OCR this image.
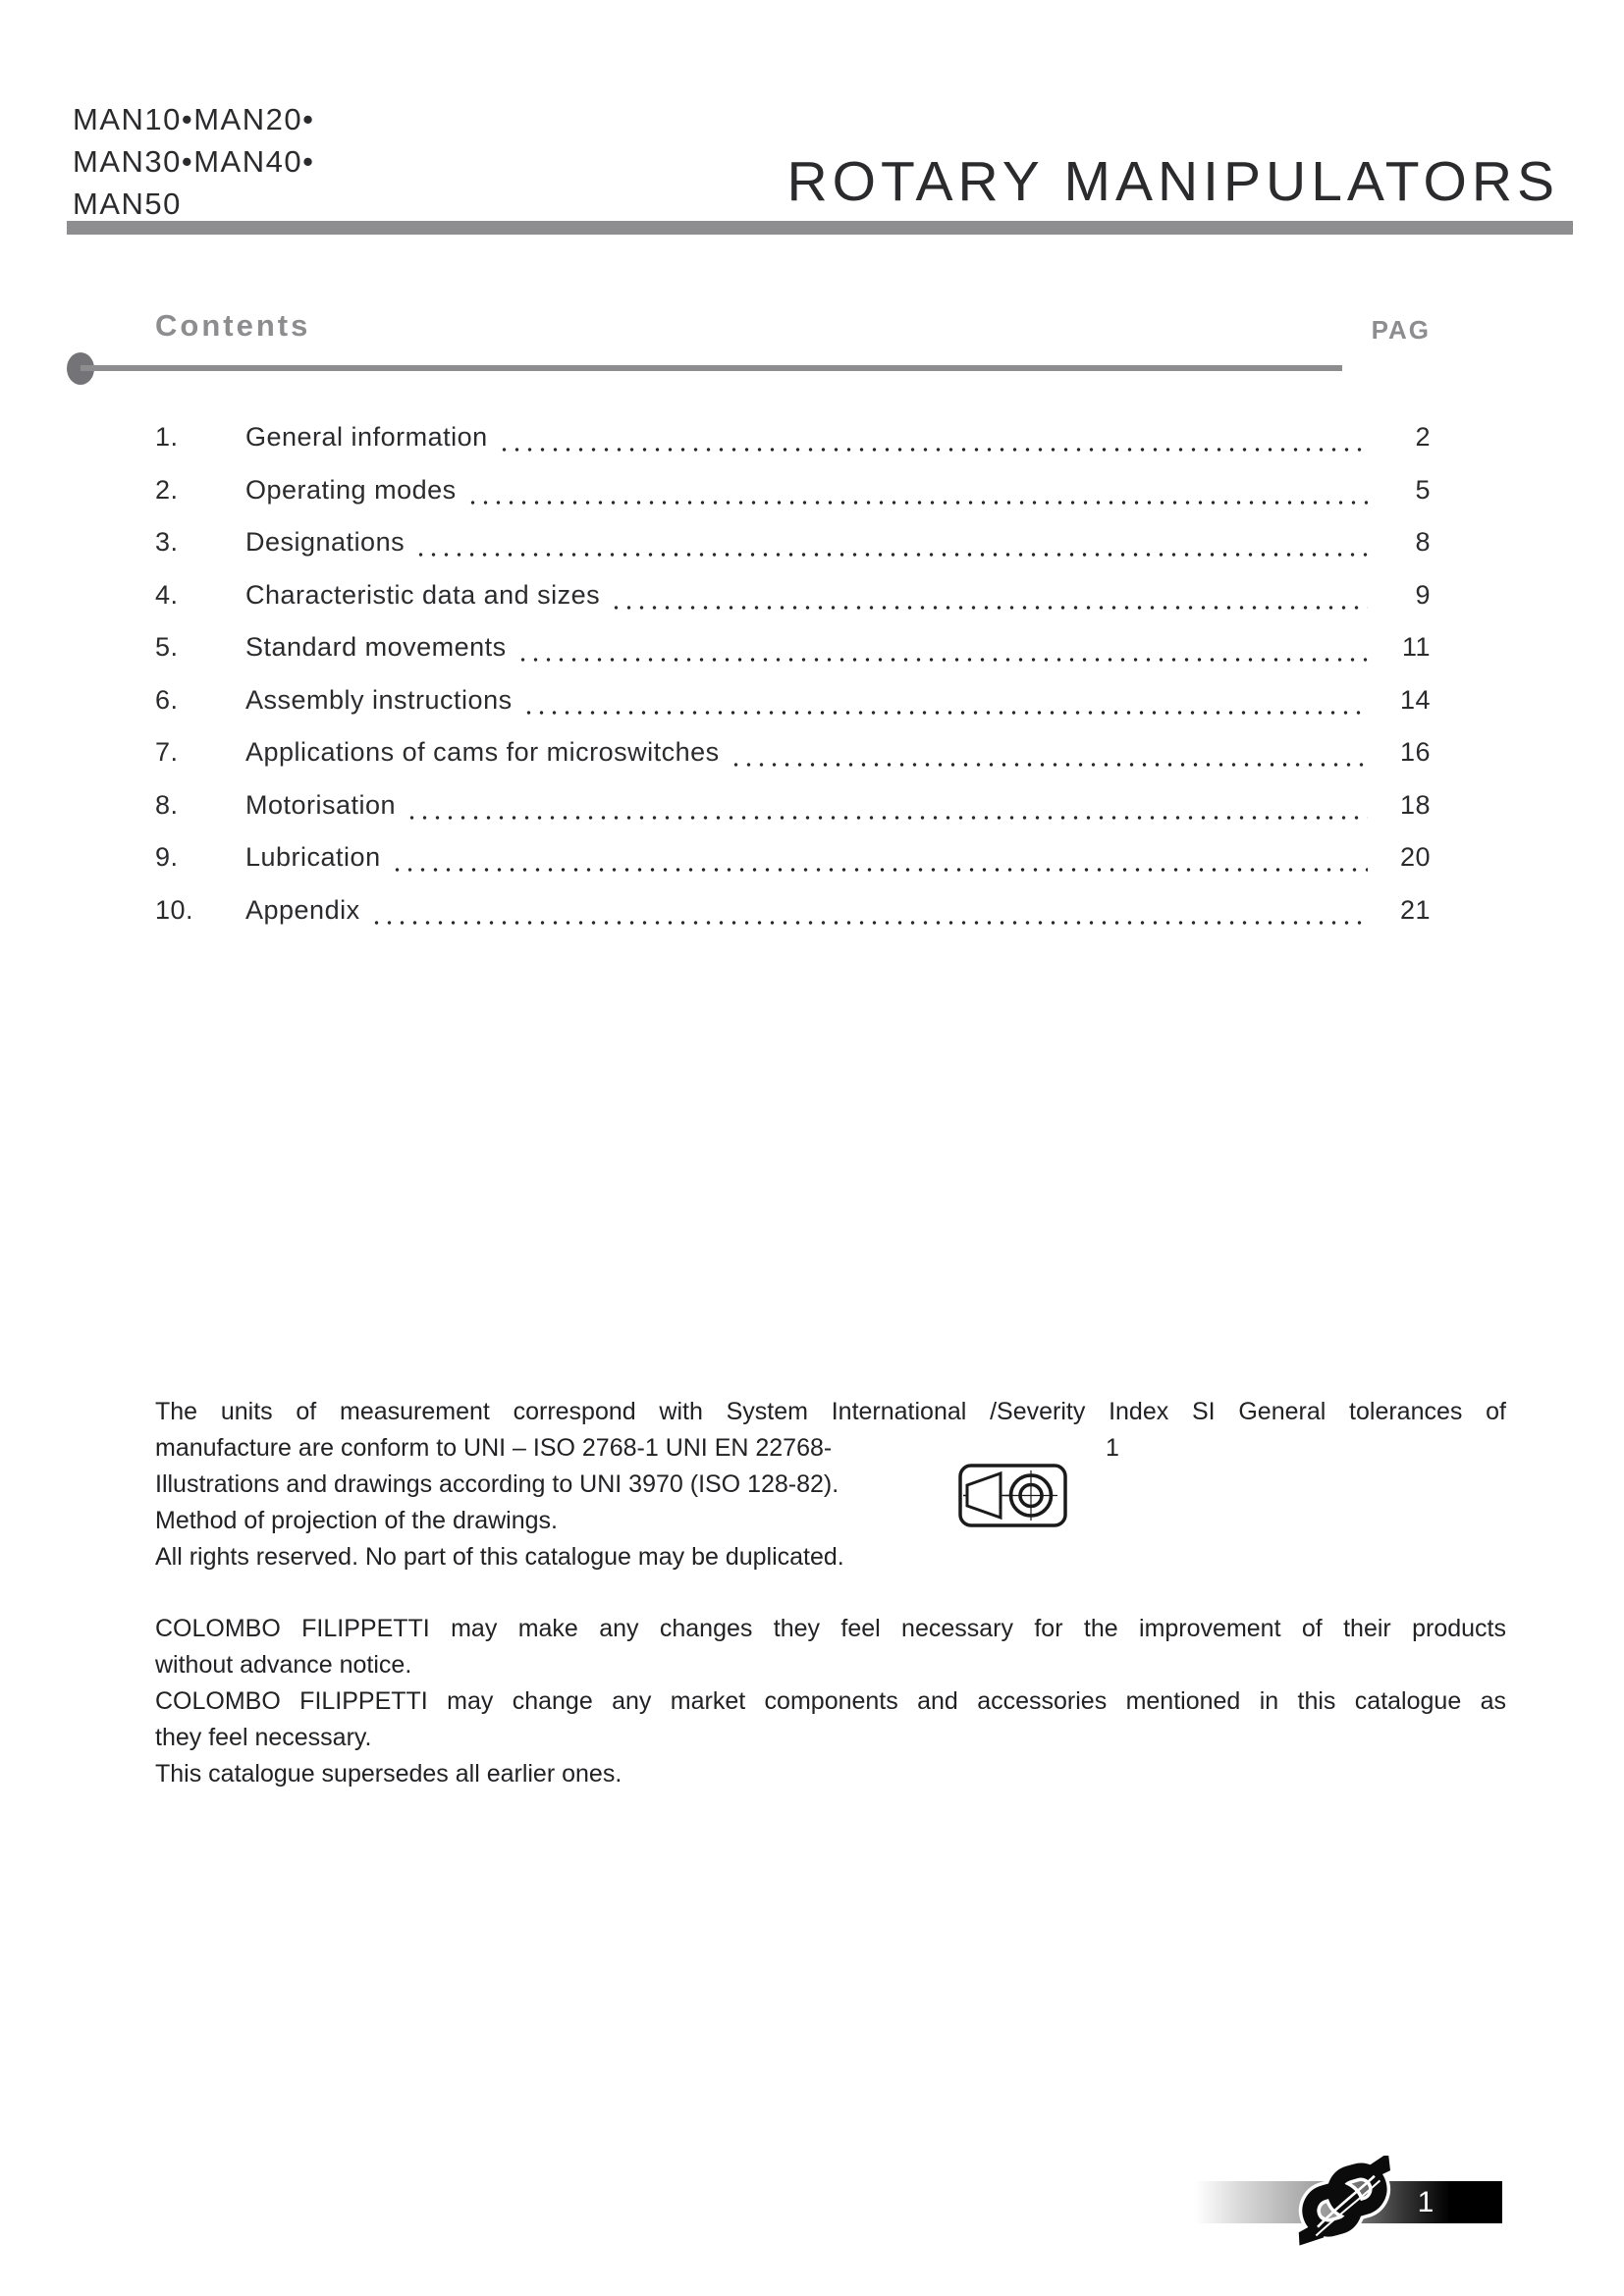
MAN10•MAN20•
MAN30•MAN40•
MAN50	ROTARY MANIPULATORS
Contents	PAG
1.	General information	2
2.	Operating modes	5
3.	Designations	8
4.	Characteristic data and sizes	9
5.	Standard movements	11
6.	Assembly instructions	14
7.	Applications of cams for microswitches	16
8.	Motorisation	18
9.	Lubrication	20
10.	Appendix	21
The units of measurement correspond with System International /Severity Index SI General tolerances of
manufacture are conform to UNI – ISO 2768-1 UNI EN 22768-	1
Illustrations and drawings according to UNI 3970 (ISO 128-82).
Method of projection of the drawings.
All rights reserved. No part of this catalogue may be duplicated.
COLOMBO FILIPPETTI may make any changes they feel necessary for the improvement of their products
without advance notice.
COLOMBO FILIPPETTI may change any market components and accessories mentioned in this catalogue as
they feel necessary.
This catalogue supersedes all earlier ones.
1
